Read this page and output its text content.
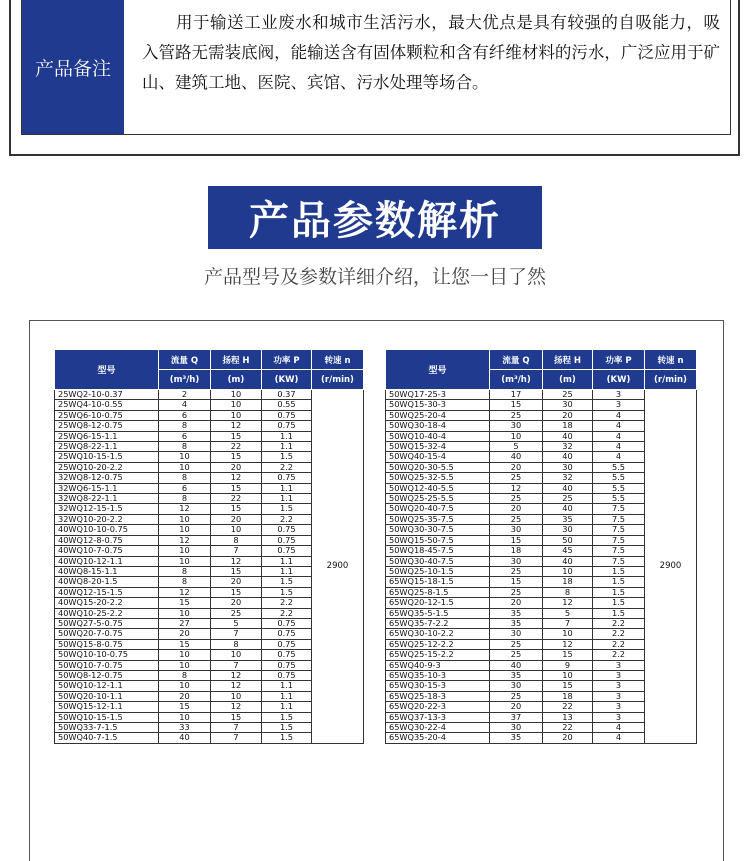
产品备注
用于输送工业废水和城市生活污水，最大优点是具有较强的自吸能力，吸入管路无需装底阀，能输送含有固体颗粒和含有纤维材料的污水，广泛应用于矿山、建筑工地、医院、宾馆、污水处理等场合。
产品参数解析
产品型号及参数详细介绍，让您一目了然
型号	流量 Q	扬程 H	功率 P	转速 n
	(m³/h)	(m)	(KW)	(r/min)
25WQ2-10-0.37	2	10	0.37	2900
25WQ4-10-0.55	4	10	0.55	
25WQ6-10-0.75	6	10	0.75	
25WQ8-12-0.75	8	12	0.75	
25WQ6-15-1.1	6	15	1.1	
25WQ8-22-1.1	8	22	1.1	
25WQ10-15-1.5	10	15	1.5	
25WQ10-20-2.2	10	20	2.2	
32WQ8-12-0.75	8	12	0.75	
32WQ6-15-1.1	6	15	1.1	
32WQ8-22-1.1	8	22	1.1	
32WQ12-15-1.5	12	15	1.5	
32WQ10-20-2.2	10	20	2.2	
40WQ10-10-0.75	10	10	0.75	
40WQ12-8-0.75	12	8	0.75	
40WQ10-7-0.75	10	7	0.75	
40WQ10-12-1.1	10	12	1.1	
40WQ8-15-1.1	8	15	1.1	
40WQ8-20-1.5	8	20	1.5	
40WQ12-15-1.5	12	15	1.5	
40WQ15-20-2.2	15	20	2.2	
40WQ10-25-2.2	10	25	2.2	
50WQ27-5-0.75	27	5	0.75	
50WQ20-7-0.75	20	7	0.75	
50WQ15-8-0.75	15	8	0.75	
50WQ10-10-0.75	10	10	0.75	
50WQ10-7-0.75	10	7	0.75	
50WQ8-12-0.75	8	12	0.75	
50WQ10-12-1.1	10	12	1.1	
50WQ20-10-1.1	20	10	1.1	
50WQ15-12-1.1	15	12	1.1	
50WQ10-15-1.5	10	15	1.5	
50WQ33-7-1.5	33	7	1.5	
50WQ40-7-1.5	40	7	1.5	
型号	流量 Q	扬程 H	功率 P	转速 n
	(m³/h)	(m)	(KW)	(r/min)
50WQ17-25-3	17	25	3	2900
50WQ15-30-3	15	30	3	
50WQ25-20-4	25	20	4	
50WQ30-18-4	30	18	4	
50WQ10-40-4	10	40	4	
50WQ15-32-4	5	32	4	
50WQ40-15-4	40	40	4	
50WQ20-30-5.5	20	30	5.5	
50WQ25-32-5.5	25	32	5.5	
50WQ12-40-5.5	12	40	5.5	
50WQ25-25-5.5	25	25	5.5	
50WQ20-40-7.5	20	40	7.5	
50WQ25-35-7.5	25	35	7.5	
50WQ30-30-7.5	30	30	7.5	
50WQ15-50-7.5	15	50	7.5	
50WQ18-45-7.5	18	45	7.5	
50WQ30-40-7.5	30	40	7.5	
50WQ25-10-1.5	25	10	1.5	
65WQ15-18-1.5	15	18	1.5	
65WQ25-8-1.5	25	8	1.5	
65WQ20-12-1.5	20	12	1.5	
65WQ35-5-1.5	35	5	1.5	
65WQ35-7-2.2	35	7	2.2	
65WQ30-10-2.2	30	10	2.2	
65WQ25-12-2.2	25	12	2.2	
65WQ25-15-2.2	25	15	2.2	
65WQ40-9-3	40	9	3	
65WQ35-10-3	35	10	3	
65WQ30-15-3	30	15	3	
65WQ25-18-3	25	18	3	
65WQ20-22-3	20	22	3	
65WQ37-13-3	37	13	3	
65WQ30-22-4	30	22	4	
65WQ35-20-4	35	20	4	
